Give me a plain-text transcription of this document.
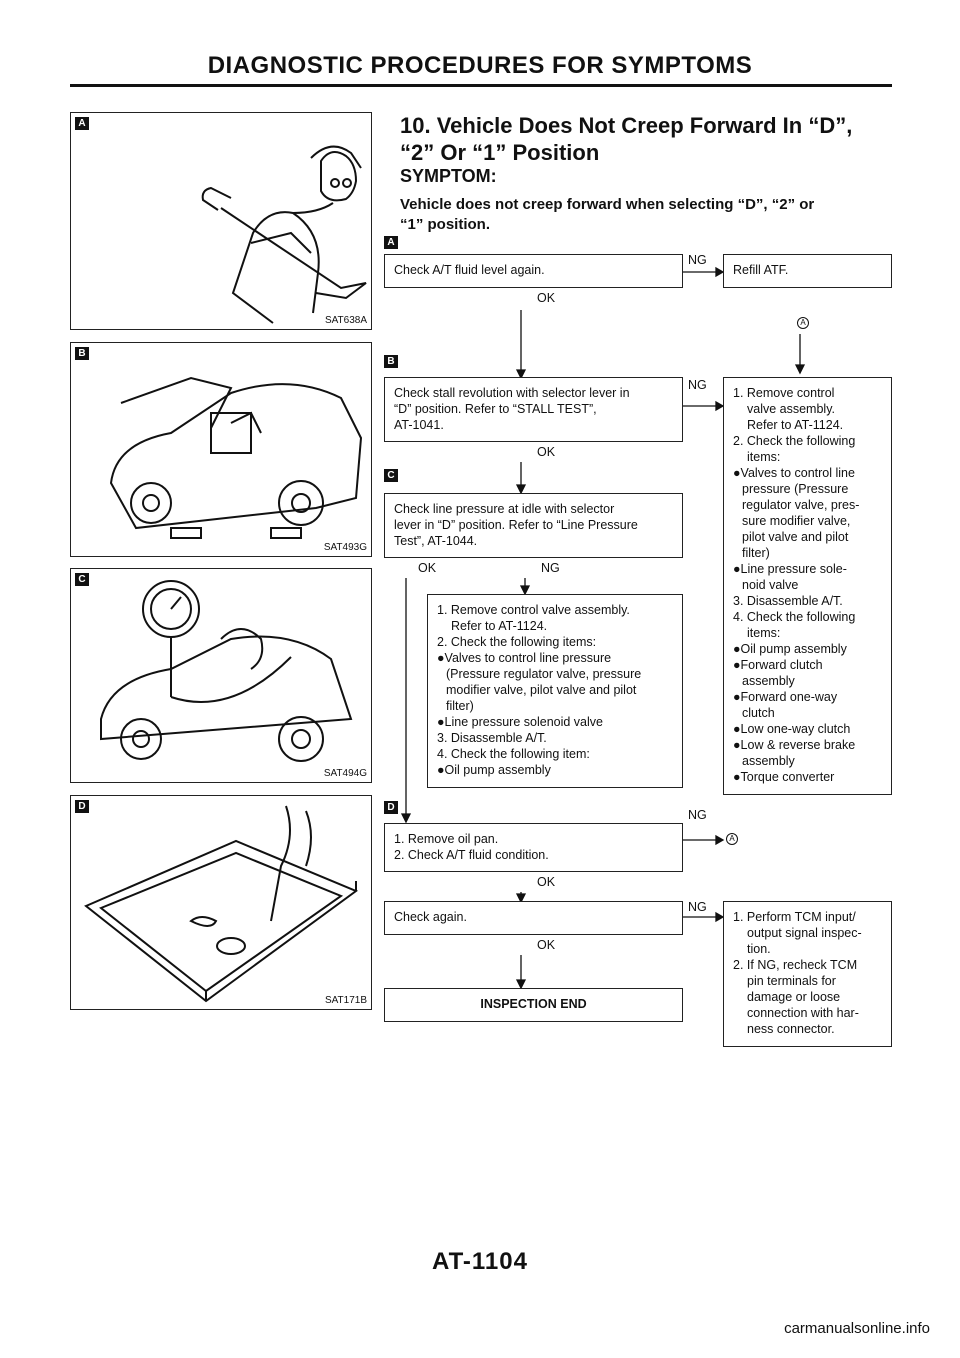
DIAGNOSTIC PROCEDURES FOR SYMPTOMS
A
SAT638A
B
SAT493G
C
SAT494G
D
SAT171B
10. Vehicle Does Not Creep Forward In “D”,
“2” Or “1” Position
SYMPTOM:
Vehicle does not creep forward when selecting “D”, “2” or
“1” position.
A
B
C
D
Check A/T fluid level again.
OK
NG
Refill ATF.
A
Check stall revolution with selector lever in
“D” position. Refer to “STALL TEST”,
AT-1041.
OK
NG
1. Remove control
valve assembly.
Refer to AT-1124.
2. Check the following
items:
●Valves to control line
pressure (Pressure
regulator valve, pres-
sure modifier valve,
pilot valve and pilot
filter)
●Line pressure sole-
noid valve
3. Disassemble A/T.
4. Check the following
items:
●Oil pump assembly
●Forward clutch
assembly
●Forward one-way
clutch
●Low one-way clutch
●Low & reverse brake
assembly
●Torque converter
Check line pressure at idle with selector
lever in “D” position. Refer to “Line Pressure
Test”, AT-1044.
OK	NG
1. Remove control valve assembly.
Refer to AT-1124.
2. Check the following items:
●Valves to control line pressure
(Pressure regulator valve, pressure
modifier valve, pilot valve and pilot
filter)
●Line pressure solenoid valve
3. Disassemble A/T.
4. Check the following item:
●Oil pump assembly
1. Remove oil pan.
2. Check A/T fluid condition.
OK
NG
A
Check again.
OK
NG
1. Perform TCM input/
output signal inspec-
tion.
2. If NG, recheck TCM
pin terminals for
damage or loose
connection with har-
ness connector.
INSPECTION END
AT-1104
carmanualsonline.info
